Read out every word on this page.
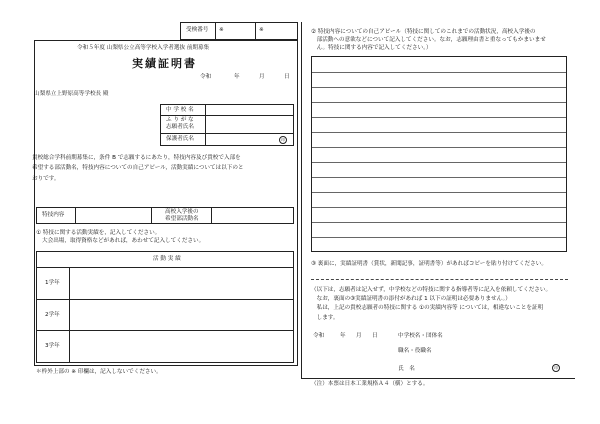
受検番号 ※	※
令和５年度 山梨県公立高等学校入学者選抜 前期募集
実績証明書
令和	年	月	日
山梨県立上野原高等学校長 殿
中 学 校 名
ふ り が な
志願者氏名
保護者氏名	印
貴校総合学科前期募集に，条件 B で志願するにあたり，特技内容及び貴校で入部を
希望する部活動名，特技内容についての自己アピール，活動実績については以下のと
おりです。
特技内容
高校入学後の
希望部活動名
① 特技に関する活動実績を，記入してください。
大会出場，取得資格などがあれば，あわせて記入してください。
活 動 実 績
1学年
2学年
3学年
＊枠外上部の ※ 印欄は，記入しないでください。
② 特技内容についての自己アピール（特技に関してのこれまでの活動状況，高校入学後の
　部活動への意欲などについて記入してください。なお，志願理由書と重なってもかまいませ
　ん。特技に関する内容で記入してください。）
③ 裏面に，実績証明書（賞状，新聞記事，証明書等）があればコピーを貼り付けてください。
（以下は，志願者は記入せず，中学校などの特技に関する指導者等に記入を依頼してください。
　なお，裏面の③実績証明書の添付があれば 1 以下の証明は必要ありません。）
　私は，上記の貴校志願者の特技に関する ①の実績内容等 については，相違ないことを証明
　します。
令和	年 月 日	中学校名・団体名
職名・役職名
氏　名	印
（注）本票は日本工業規格Ａ４（横）とする。
